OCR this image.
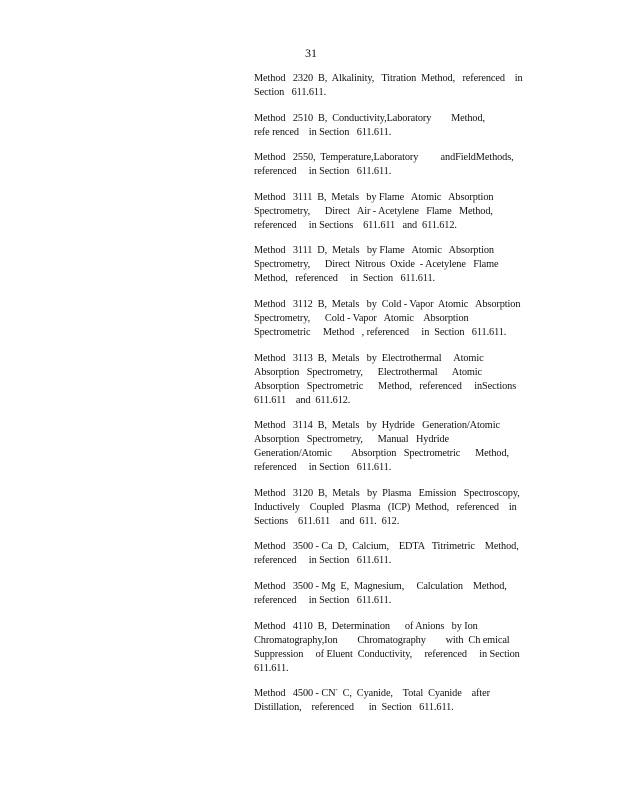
31
Method   2320  B,  Alkalinity,   Titration  Method,   referenced    in
Section   611.611.
Method   2510  B,  Conductivity,Laboratory        Method,
refe renced    in Section   611.611.
Method   2550,  Temperature,Laboratory         andFieldMethods,
referenced     in Section   611.611.
Method   3111  B,  Metals   by Flame   Atomic   Absorption
Spectrometry,      Direct   Air - Acetylene   Flame   Method,
referenced     in Sections    611.611   and  611.612.
Method   3111  D,  Metals   by Flame   Atomic   Absorption
Spectrometry,      Direct  Nitrous  Oxide  - Acetylene   Flame
Method,   referenced     in  Section   611.611.
Method   3112  B,  Metals   by  Cold - Vapor  Atomic   Absorption
Spectrometry,      Cold - Vapor   Atomic    Absorption
Spectrometric     Method   , referenced     in  Section   611.611.
Method   3113  B,  Metals   by  Electrothermal     Atomic
Absorption   Spectrometry,      Electrothermal      Atomic
Absorption   Spectrometric      Method,   referenced     inSections
611.611    and  611.612.
Method   3114  B,  Metals   by  Hydride   Generation/Atomic
Absorption   Spectrometry,      Manual   Hydride
Generation/Atomic        Absorption   Spectrometric      Method,
referenced     in Section   611.611.
Method   3120  B,  Metals   by  Plasma   Emission   Spectroscopy,
Inductively    Coupled   Plasma   (ICP)  Method,   referenced    in
Sections    611.611    and  611.  612.
Method   3500 - Ca  D,  Calcium,    EDTA   Titrimetric    Method,
referenced     in Section   611.611.
Method   3500 - Mg  E,  Magnesium,     Calculation    Method,
referenced     in Section   611.611.
Method   4110  B,  Determination      of Anions   by Ion
Chromatography,Ion        Chromatography        with  Ch emical
Suppression     of Eluent  Conductivity,     referenced     in Section
611.611.
Method   4500 - CN-  C,  Cyanide,    Total  Cyanide    after
Distillation,    referenced      in  Section   611.611.
